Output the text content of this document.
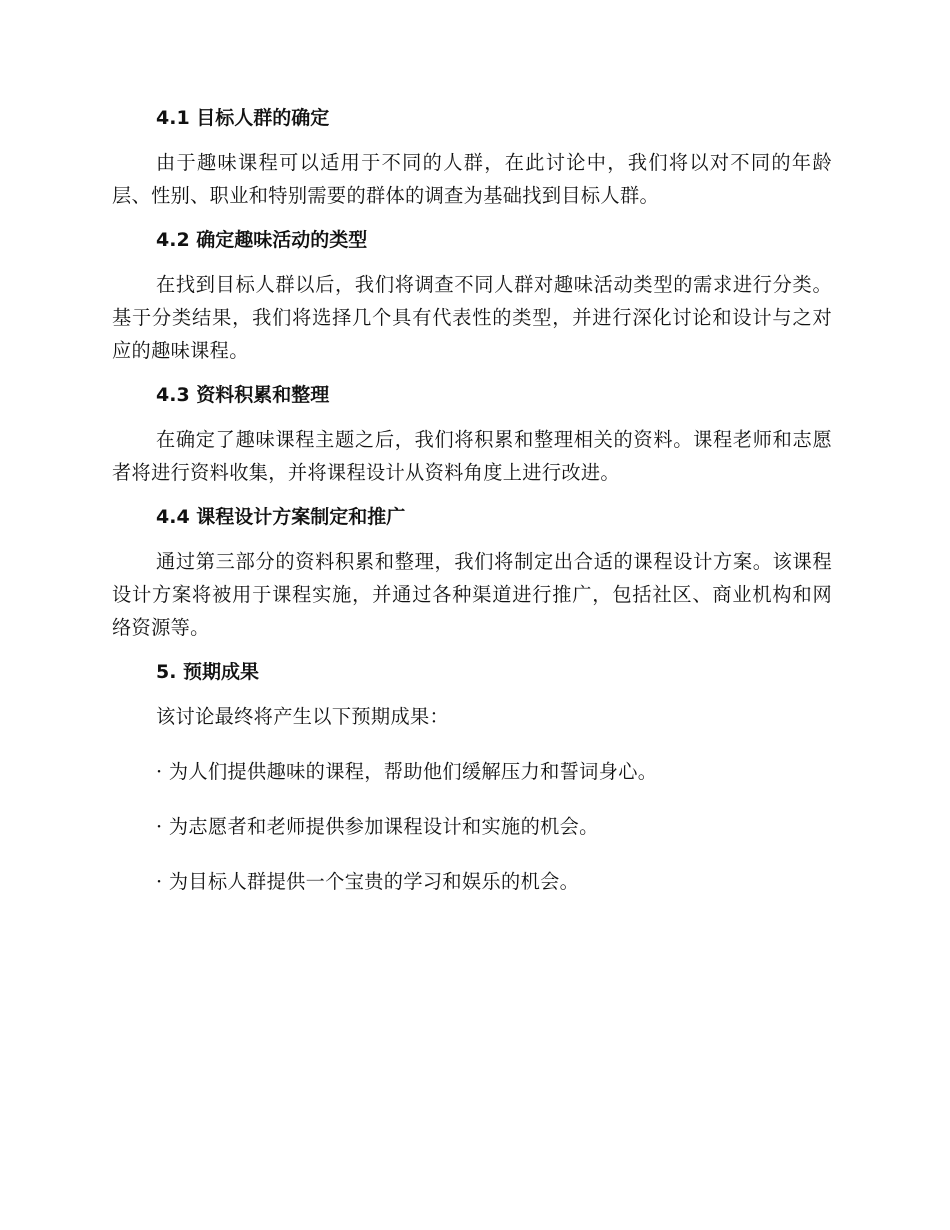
4.1 目标人群的确定

由于趣味课程可以适用于不同的人群，在此讨论中，我们将以对不同的年龄层、性别、职业和特别需要的群体的调查为基础找到目标人群。

4.2 确定趣味活动的类型

在找到目标人群以后，我们将调查不同人群对趣味活动类型的需求进行分类。基于分类结果，我们将选择几个具有代表性的类型，并进行深化讨论和设计与之对应的趣味课程。

4.3 资料积累和整理

在确定了趣味课程主题之后，我们将积累和整理相关的资料。课程老师和志愿者将进行资料收集，并将课程设计从资料角度上进行改进。

4.4 课程设计方案制定和推广

通过第三部分的资料积累和整理，我们将制定出合适的课程设计方案。该课程设计方案将被用于课程实施，并通过各种渠道进行推广，包括社区、商业机构和网络资源等。

5. 预期成果
该讨论最终将产生以下预期成果：
· 为人们提供趣味的课程，帮助他们缓解压力和誓词身心。
· 为志愿者和老师提供参加课程设计和实施的机会。
· 为目标人群提供一个宝贵的学习和娱乐的机会。
